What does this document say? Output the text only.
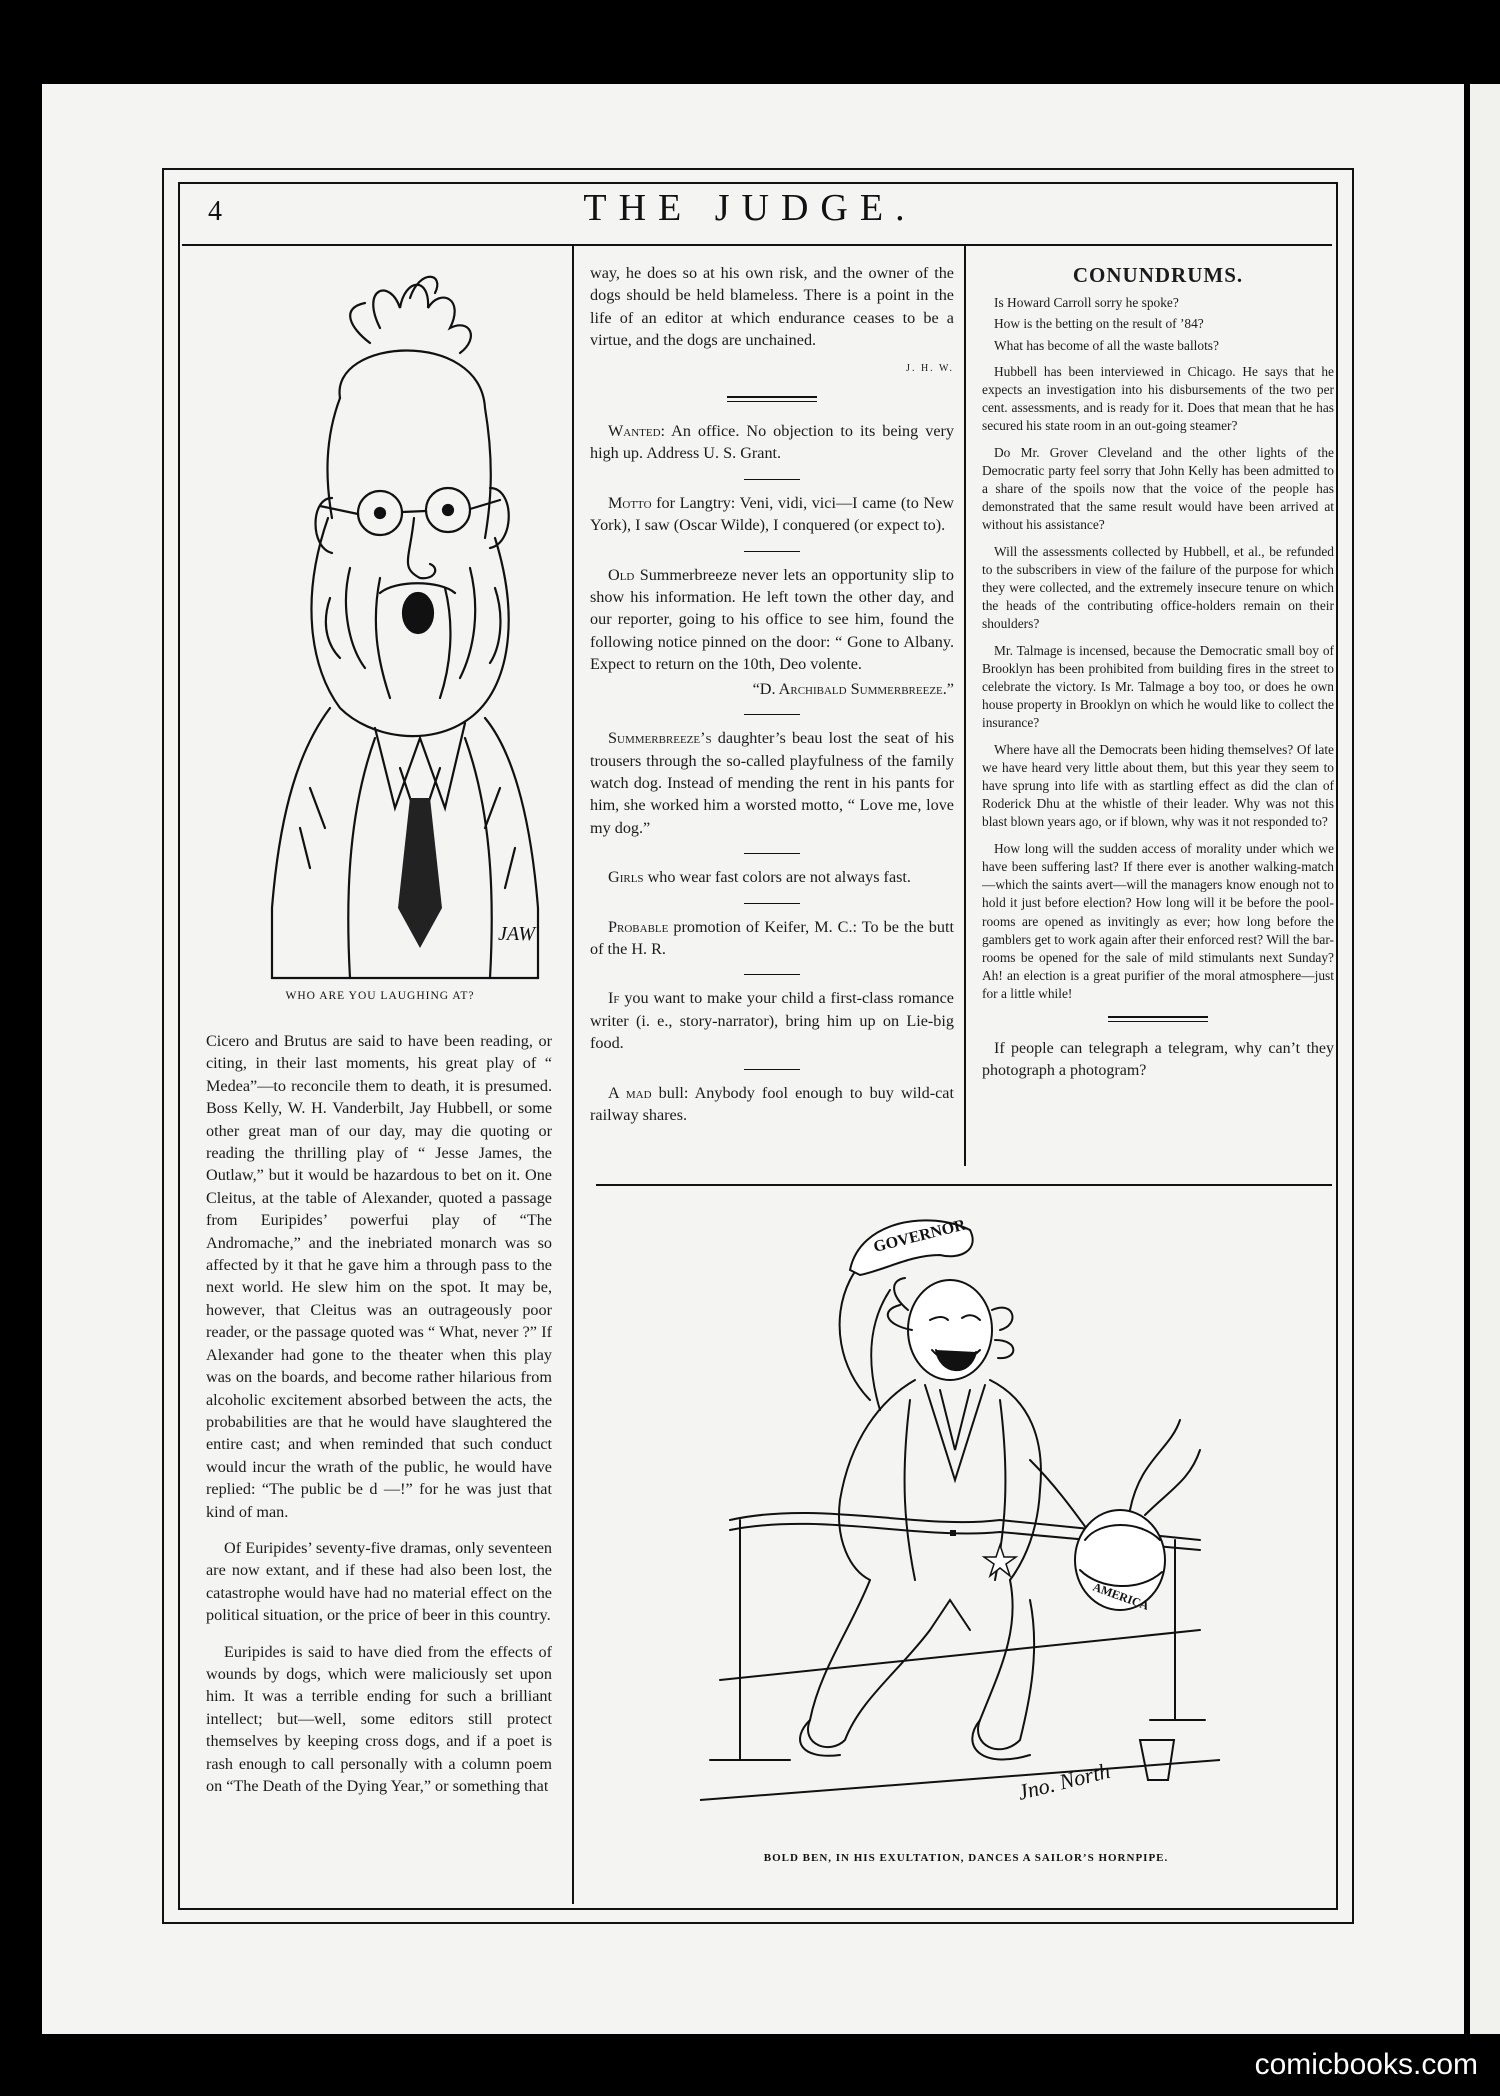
4	THE JUDGE.
JAW
WHO ARE YOU LAUGHING AT?

Cicero and Brutus are said to have been reading, or citing, in their last moments, his great play of “ Medea”—to reconcile them to death, it is presumed. Boss Kelly, W. H. Vanderbilt, Jay Hubbell, or some other great man of our day, may die quoting or reading the thrilling play of “ Jesse James, the Outlaw,” but it would be hazardous to bet on it. One Cleitus, at the table of Alexander, quoted a passage from Euripides’ powerfui play of “The Andromache,” and the inebriated monarch was so affected by it that he gave him a through pass to the next world. He slew him on the spot. It may be, however, that Cleitus was an outrageously poor reader, or the passage quoted was “ What, never ?” If Alexander had gone to the theater when this play was on the boards, and become rather hilarious from alcoholic excitement absorbed between the acts, the probabilities are that he would have slaughtered the entire cast; and when reminded that such conduct would incur the wrath of the public, he would have replied: “The public be d —!” for he was just that kind of man.

Of Euripides’ seventy-five dramas, only seventeen are now extant, and if these had also been lost, the catastrophe would have had no material effect on the political situation, or the price of beer in this country.

Euripides is said to have died from the effects of wounds by dogs, which were maliciously set upon him. It was a terrible ending for such a brilliant intellect; but—well, some editors still protect themselves by keeping cross dogs, and if a poet is rash enough to call personally with a column poem on “The Death of the Dying Year,” or something that

way, he does so at his own risk, and the owner of the dogs should be held blameless. There is a point in the life of an editor at which endurance ceases to be a virtue, and the dogs are unchained.

J. H. W.

Wanted: An office. No objection to its being very high up. Address U. S. Grant.

Motto for Langtry: Veni, vidi, vici—I came (to New York), I saw (Oscar Wilde), I conquered (or expect to).

Old Summerbreeze never lets an opportunity slip to show his information. He left town the other day, and our reporter, going to his office to see him, found the following notice pinned on the door: “ Gone to Albany. Expect to return on the 10th, Deo volente.

“D. Archibald Summerbreeze.”

Summerbreeze’s daughter’s beau lost the seat of his trousers through the so-called playfulness of the family watch dog. Instead of mending the rent in his pants for him, she worked him a worsted motto, “ Love me, love my dog.”

Girls who wear fast colors are not always fast.

Probable promotion of Keifer, M. C.: To be the butt of the H. R.

If you want to make your child a first-class romance writer (i. e., story-narrator), bring him up on Lie-big food.

A mad bull: Anybody fool enough to buy wild-cat railway shares.

CONUNDRUMS.

Is Howard Carroll sorry he spoke?

How is the betting on the result of ’84?

What has become of all the waste ballots?

Hubbell has been interviewed in Chicago. He says that he expects an investigation into his disbursements of the two per cent. assessments, and is ready for it. Does that mean that he has secured his state room in an out-going steamer?

Do Mr. Grover Cleveland and the other lights of the Democratic party feel sorry that John Kelly has been admitted to a share of the spoils now that the voice of the people has demonstrated that the same result would have been arrived at without his assistance?

Will the assessments collected by Hubbell, et al., be refunded to the subscribers in view of the failure of the purpose for which they were collected, and the extremely insecure tenure on which the heads of the contributing office-holders remain on their shoulders?

Mr. Talmage is incensed, because the Democratic small boy of Brooklyn has been prohibited from building fires in the street to celebrate the victory. Is Mr. Talmage a boy too, or does he own house property in Brooklyn on which he would like to collect the insurance?

Where have all the Democrats been hiding themselves? Of late we have heard very little about them, but this year they seem to have sprung into life with as startling effect as did the clan of Roderick Dhu at the whistle of their leader. Why was not this blast blown years ago, or if blown, why was it not responded to?

How long will the sudden access of morality under which we have been suffering last? If there ever is another walking-match—which the saints avert—will the managers know enough not to hold it just before election? How long will it be before the pool-rooms are opened as invitingly as ever; how long before the gamblers get to work again after their enforced rest? Will the bar-rooms be opened for the sale of mild stimulants next Sunday? Ah! an election is a great purifier of the moral atmosphere—just for a little while!

If people can telegraph a telegram, why can’t they photograph a photogram?

GOVERNOR
AMERICA
Jno. North
BOLD BEN, IN HIS EXULTATION, DANCES A SAILOR’S HORNPIPE.
comicbooks.com
